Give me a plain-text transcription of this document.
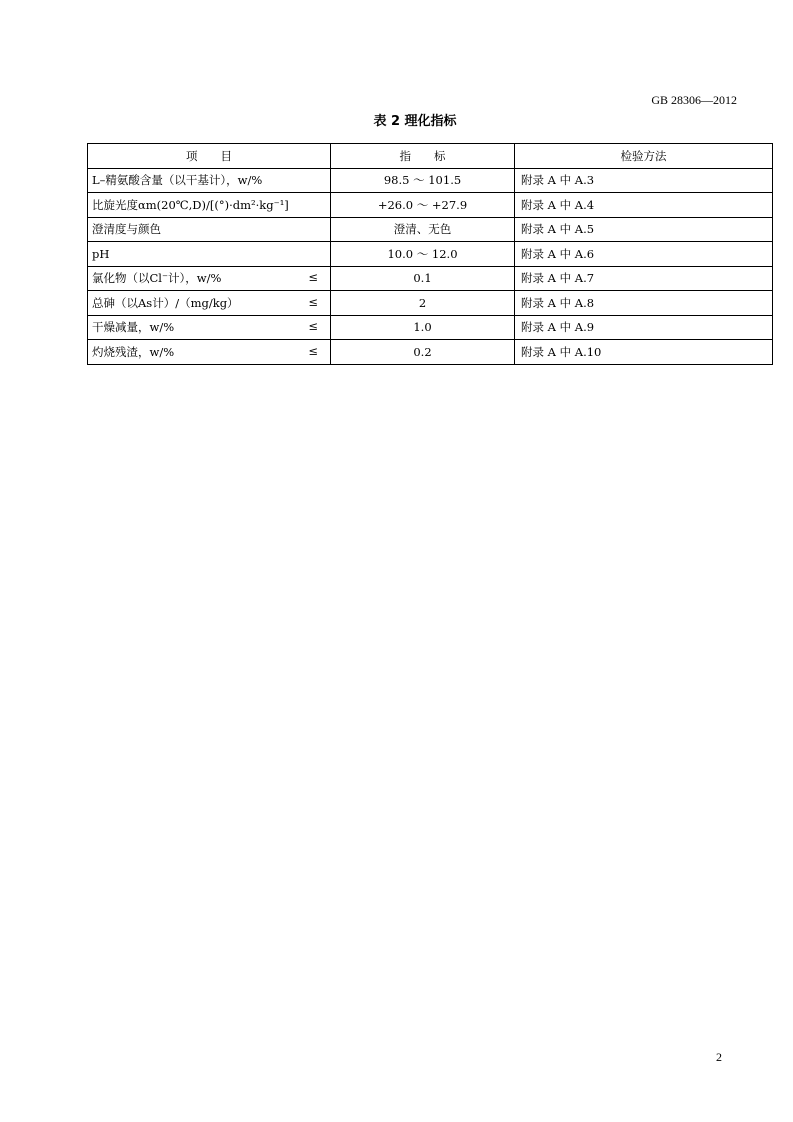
GB 28306—2012
表 2 理化指标
项　　目	指　　标	检验方法
L–精氨酸含量（以干基计），w/%	98.5 ～ 101.5	附录 A 中 A.3
比旋光度αm(20℃,D)/[(°)·dm²·kg⁻¹]	+26.0 ～ +27.9	附录 A 中 A.4
澄清度与颜色	澄清、无色	附录 A 中 A.5
pH	10.0 ～ 12.0	附录 A 中 A.6
氯化物（以Cl⁻计），w/% ≤	0.1	附录 A 中 A.7
总砷（以As计）/（mg/kg） ≤	2	附录 A 中 A.8
干燥减量，w/% ≤	1.0	附录 A 中 A.9
灼烧残渣，w/% ≤	0.2	附录 A 中 A.10
2
